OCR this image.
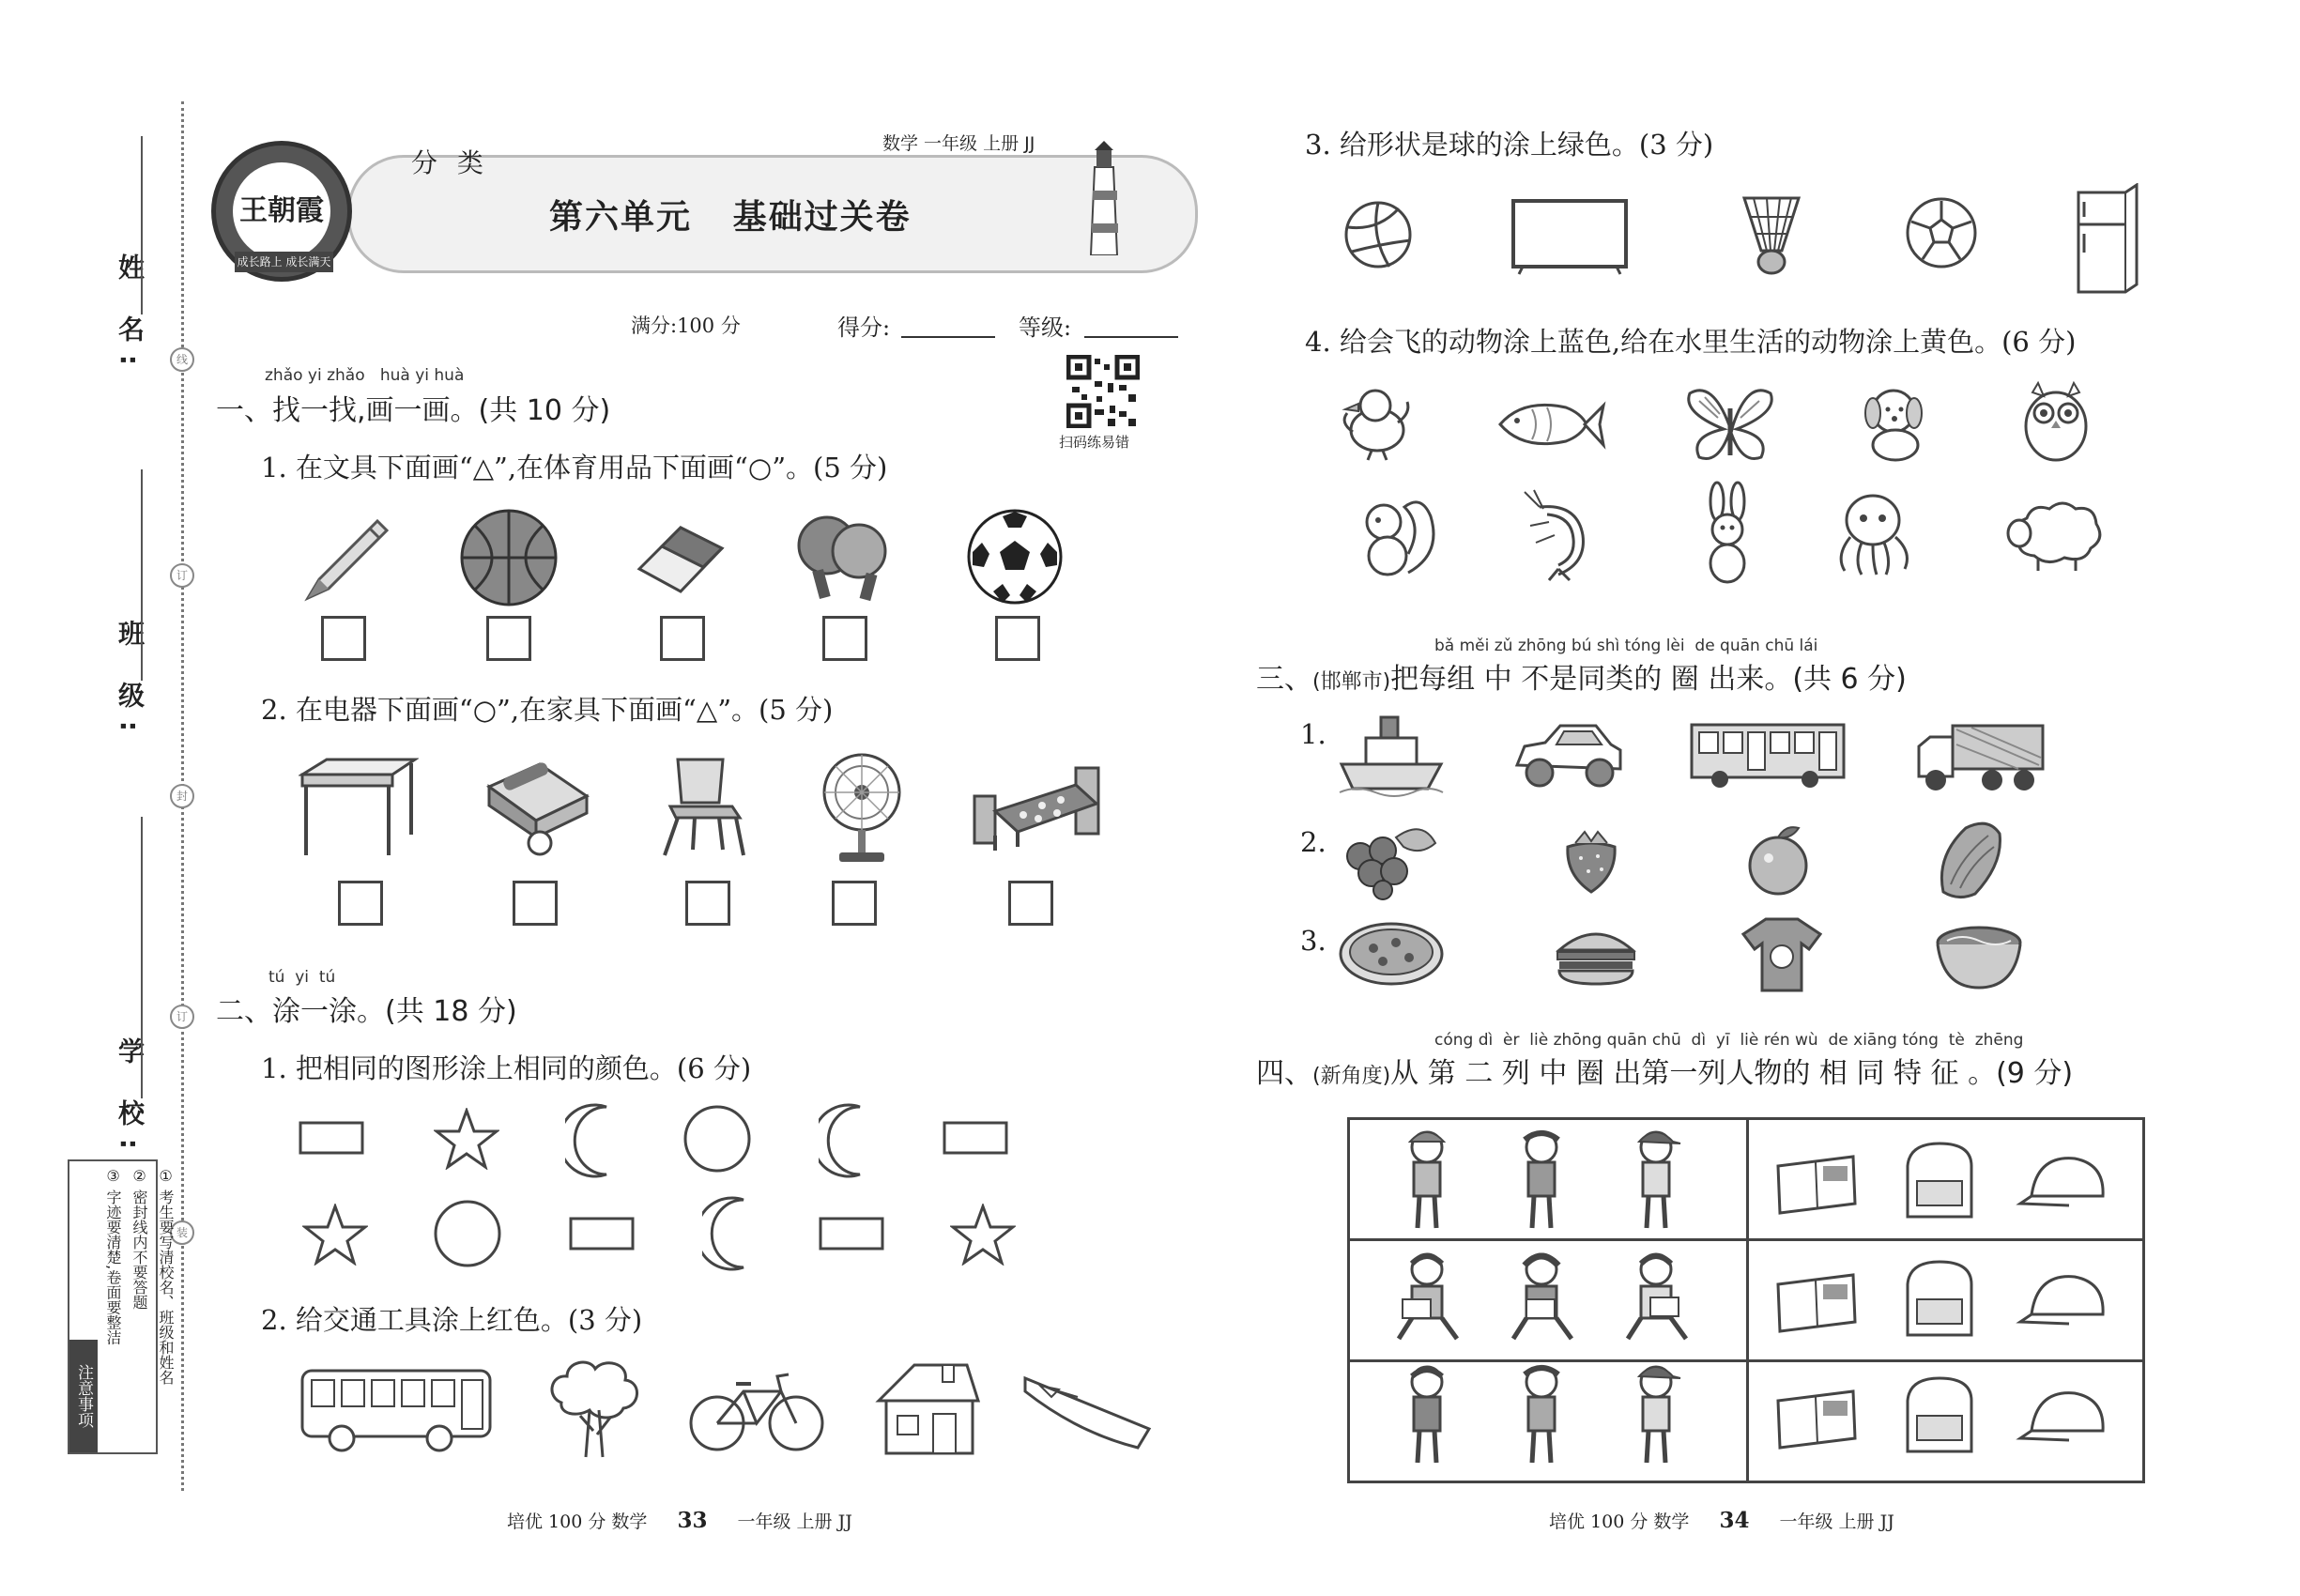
姓 名:
班 级:
学 校:
线
订
封
订
装
注意事项
① 考生要写清校名、班级和姓名
② 密封线内不要答题
③ 字迹要清楚,卷面要整洁
王朝霞
成长路上 成长满天
分 类
数学 一年级 上册 JJ
第六单元   基础过关卷
满分:100 分	得分:	等级:
扫码练易错
zhǎo yi zhǎo   huà yi huà
一、找一找,画一画。(共 10 分)
1. 在文具下面画“△”,在体育用品下面画“○”。(5 分)
2. 在电器下面画“○”,在家具下面画“△”。(5 分)
tú  yi  tú
二、涂一涂。(共 18 分)
1. 把相同的图形涂上相同的颜色。(6 分)
2. 给交通工具涂上红色。(3 分)
3. 给形状是球的涂上绿色。(3 分)
4. 给会飞的动物涂上蓝色,给在水里生活的动物涂上黄色。(6 分)
bǎ měi zǔ zhōng bú shì tóng lèi  de quān chū lái
三、(邯郸市)把每组 中 不是同类的 圈 出来。(共 6 分)
1.
2.
3.
cóng dì  èr  liè zhōng quān chū  dì  yī  liè rén wù  de xiāng tóng  tè  zhēng
四、(新角度)从 第 二 列 中 圈 出第一列人物的 相 同 特 征 。(9 分)

培优 100 分 数学 33 一年级 上册 JJ	培优 100 分 数学 34 一年级 上册 JJ
